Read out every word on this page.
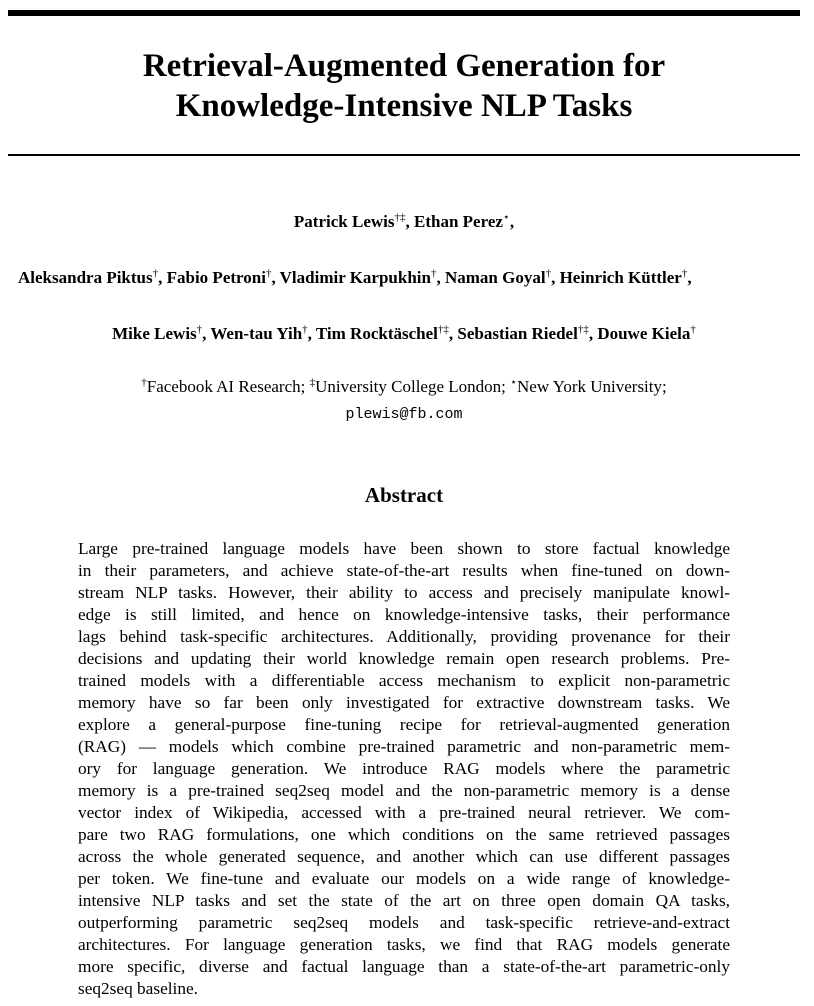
Retrieval-Augmented Generation for
Knowledge-Intensive NLP Tasks
Patrick Lewis†‡, Ethan Perez⋆,
Aleksandra Piktus†, Fabio Petroni†, Vladimir Karpukhin†, Naman Goyal†, Heinrich Küttler†,
Mike Lewis†, Wen-tau Yih†, Tim Rocktäschel†‡, Sebastian Riedel†‡, Douwe Kiela†
†Facebook AI Research; ‡University College London; ⋆New York University;
plewis@fb.com
Abstract
Large pre-trained language models have been shown to store factual knowledge
in their parameters, and achieve state-of-the-art results when fine-tuned on down-
stream NLP tasks. However, their ability to access and precisely manipulate knowl-
edge is still limited, and hence on knowledge-intensive tasks, their performance
lags behind task-specific architectures. Additionally, providing provenance for their
decisions and updating their world knowledge remain open research problems. Pre-
trained models with a differentiable access mechanism to explicit non-parametric
memory have so far been only investigated for extractive downstream tasks. We
explore a general-purpose fine-tuning recipe for retrieval-augmented generation
(RAG) — models which combine pre-trained parametric and non-parametric mem-
ory for language generation. We introduce RAG models where the parametric
memory is a pre-trained seq2seq model and the non-parametric memory is a dense
vector index of Wikipedia, accessed with a pre-trained neural retriever. We com-
pare two RAG formulations, one which conditions on the same retrieved passages
across the whole generated sequence, and another which can use different passages
per token. We fine-tune and evaluate our models on a wide range of knowledge-
intensive NLP tasks and set the state of the art on three open domain QA tasks,
outperforming parametric seq2seq models and task-specific retrieve-and-extract
architectures. For language generation tasks, we find that RAG models generate
more specific, diverse and factual language than a state-of-the-art parametric-only
seq2seq baseline.
